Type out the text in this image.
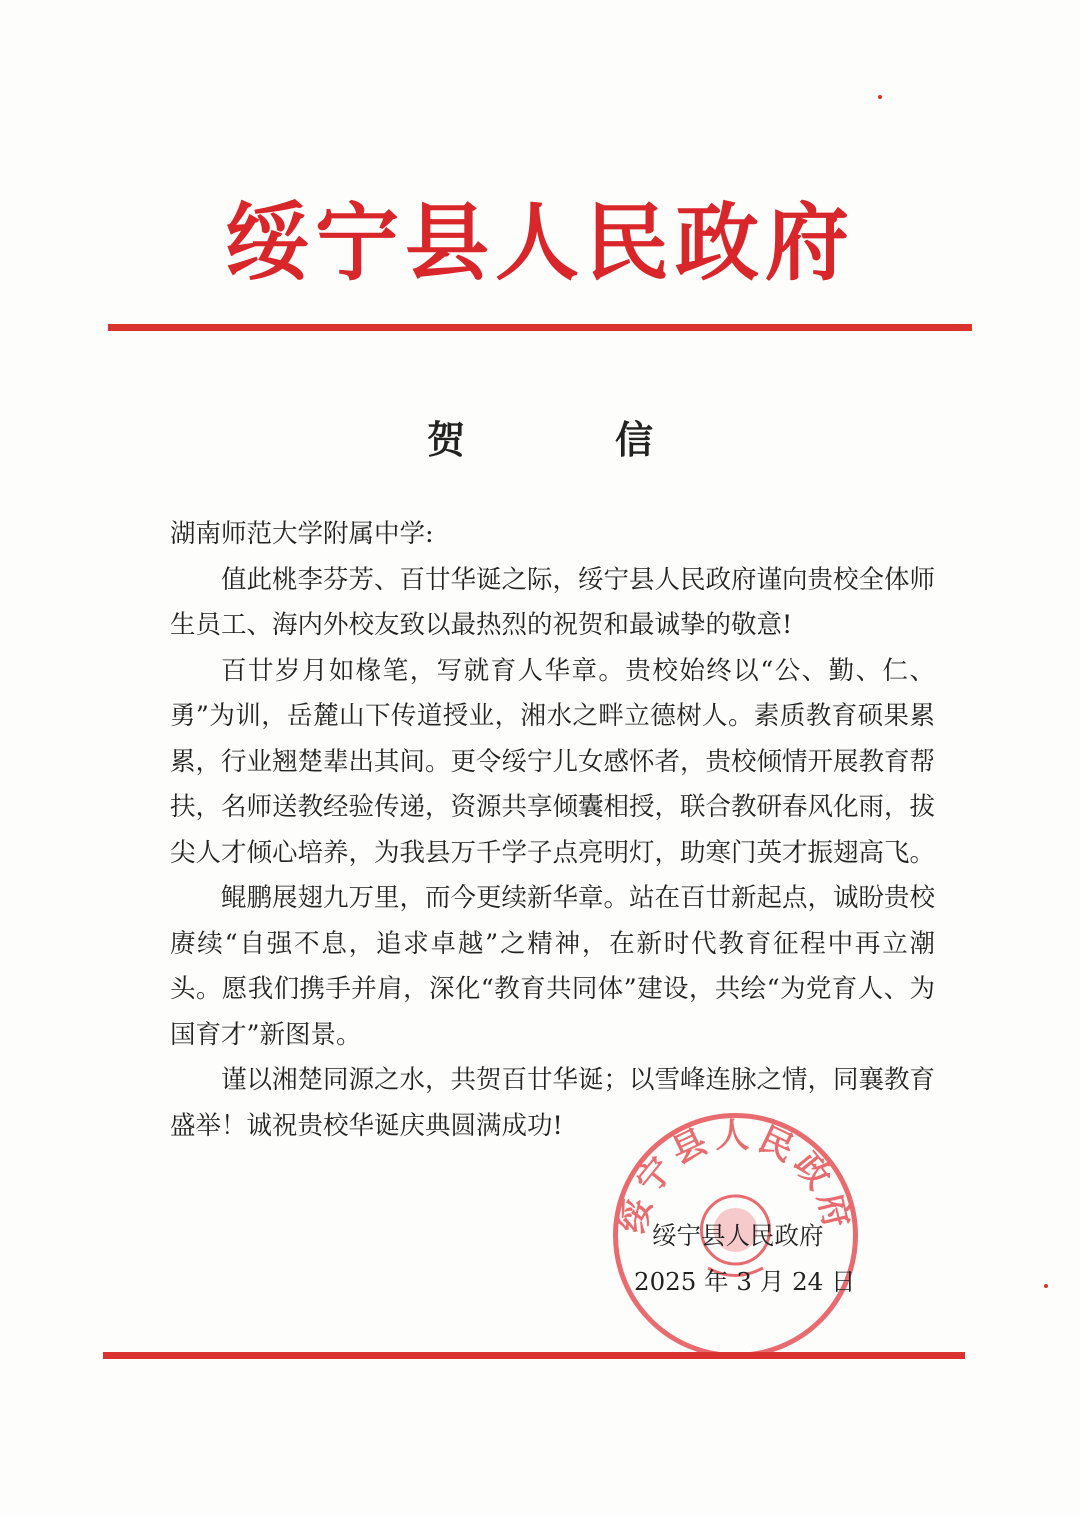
绥宁县人民政府
贺　信

湖南师范大学附属中学:

值此桃李芬芳、百廿华诞之际，绥宁县人民政府谨向贵校全体师生员工、海内外校友致以最热烈的祝贺和最诚挚的敬意!

百廿岁月如椽笔，写就育人华章。贵校始终以“公、勤、仁、勇”为训，岳麓山下传道授业，湘水之畔立德树人。素质教育硕果累累，行业翘楚辈出其间。更令绥宁儿女感怀者，贵校倾情开展教育帮扶，名师送教经验传递，资源共享倾囊相授，联合教研春风化雨，拔尖人才倾心培养，为我县万千学子点亮明灯，助寒门英才振翅高飞。

鲲鹏展翅九万里，而今更续新华章。站在百廿新起点，诚盼贵校赓续“自强不息，追求卓越”之精神，在新时代教育征程中再立潮头。愿我们携手并肩，深化“教育共同体”建设，共绘“为党育人、为国育才”新图景。

谨以湘楚同源之水，共贺百廿华诞；以雪峰连脉之情，同襄教育盛举！诚祝贵校华诞庆典圆满成功!

绥宁县人民政府
绥宁县人民政府
2025 年 3 月 24 日
